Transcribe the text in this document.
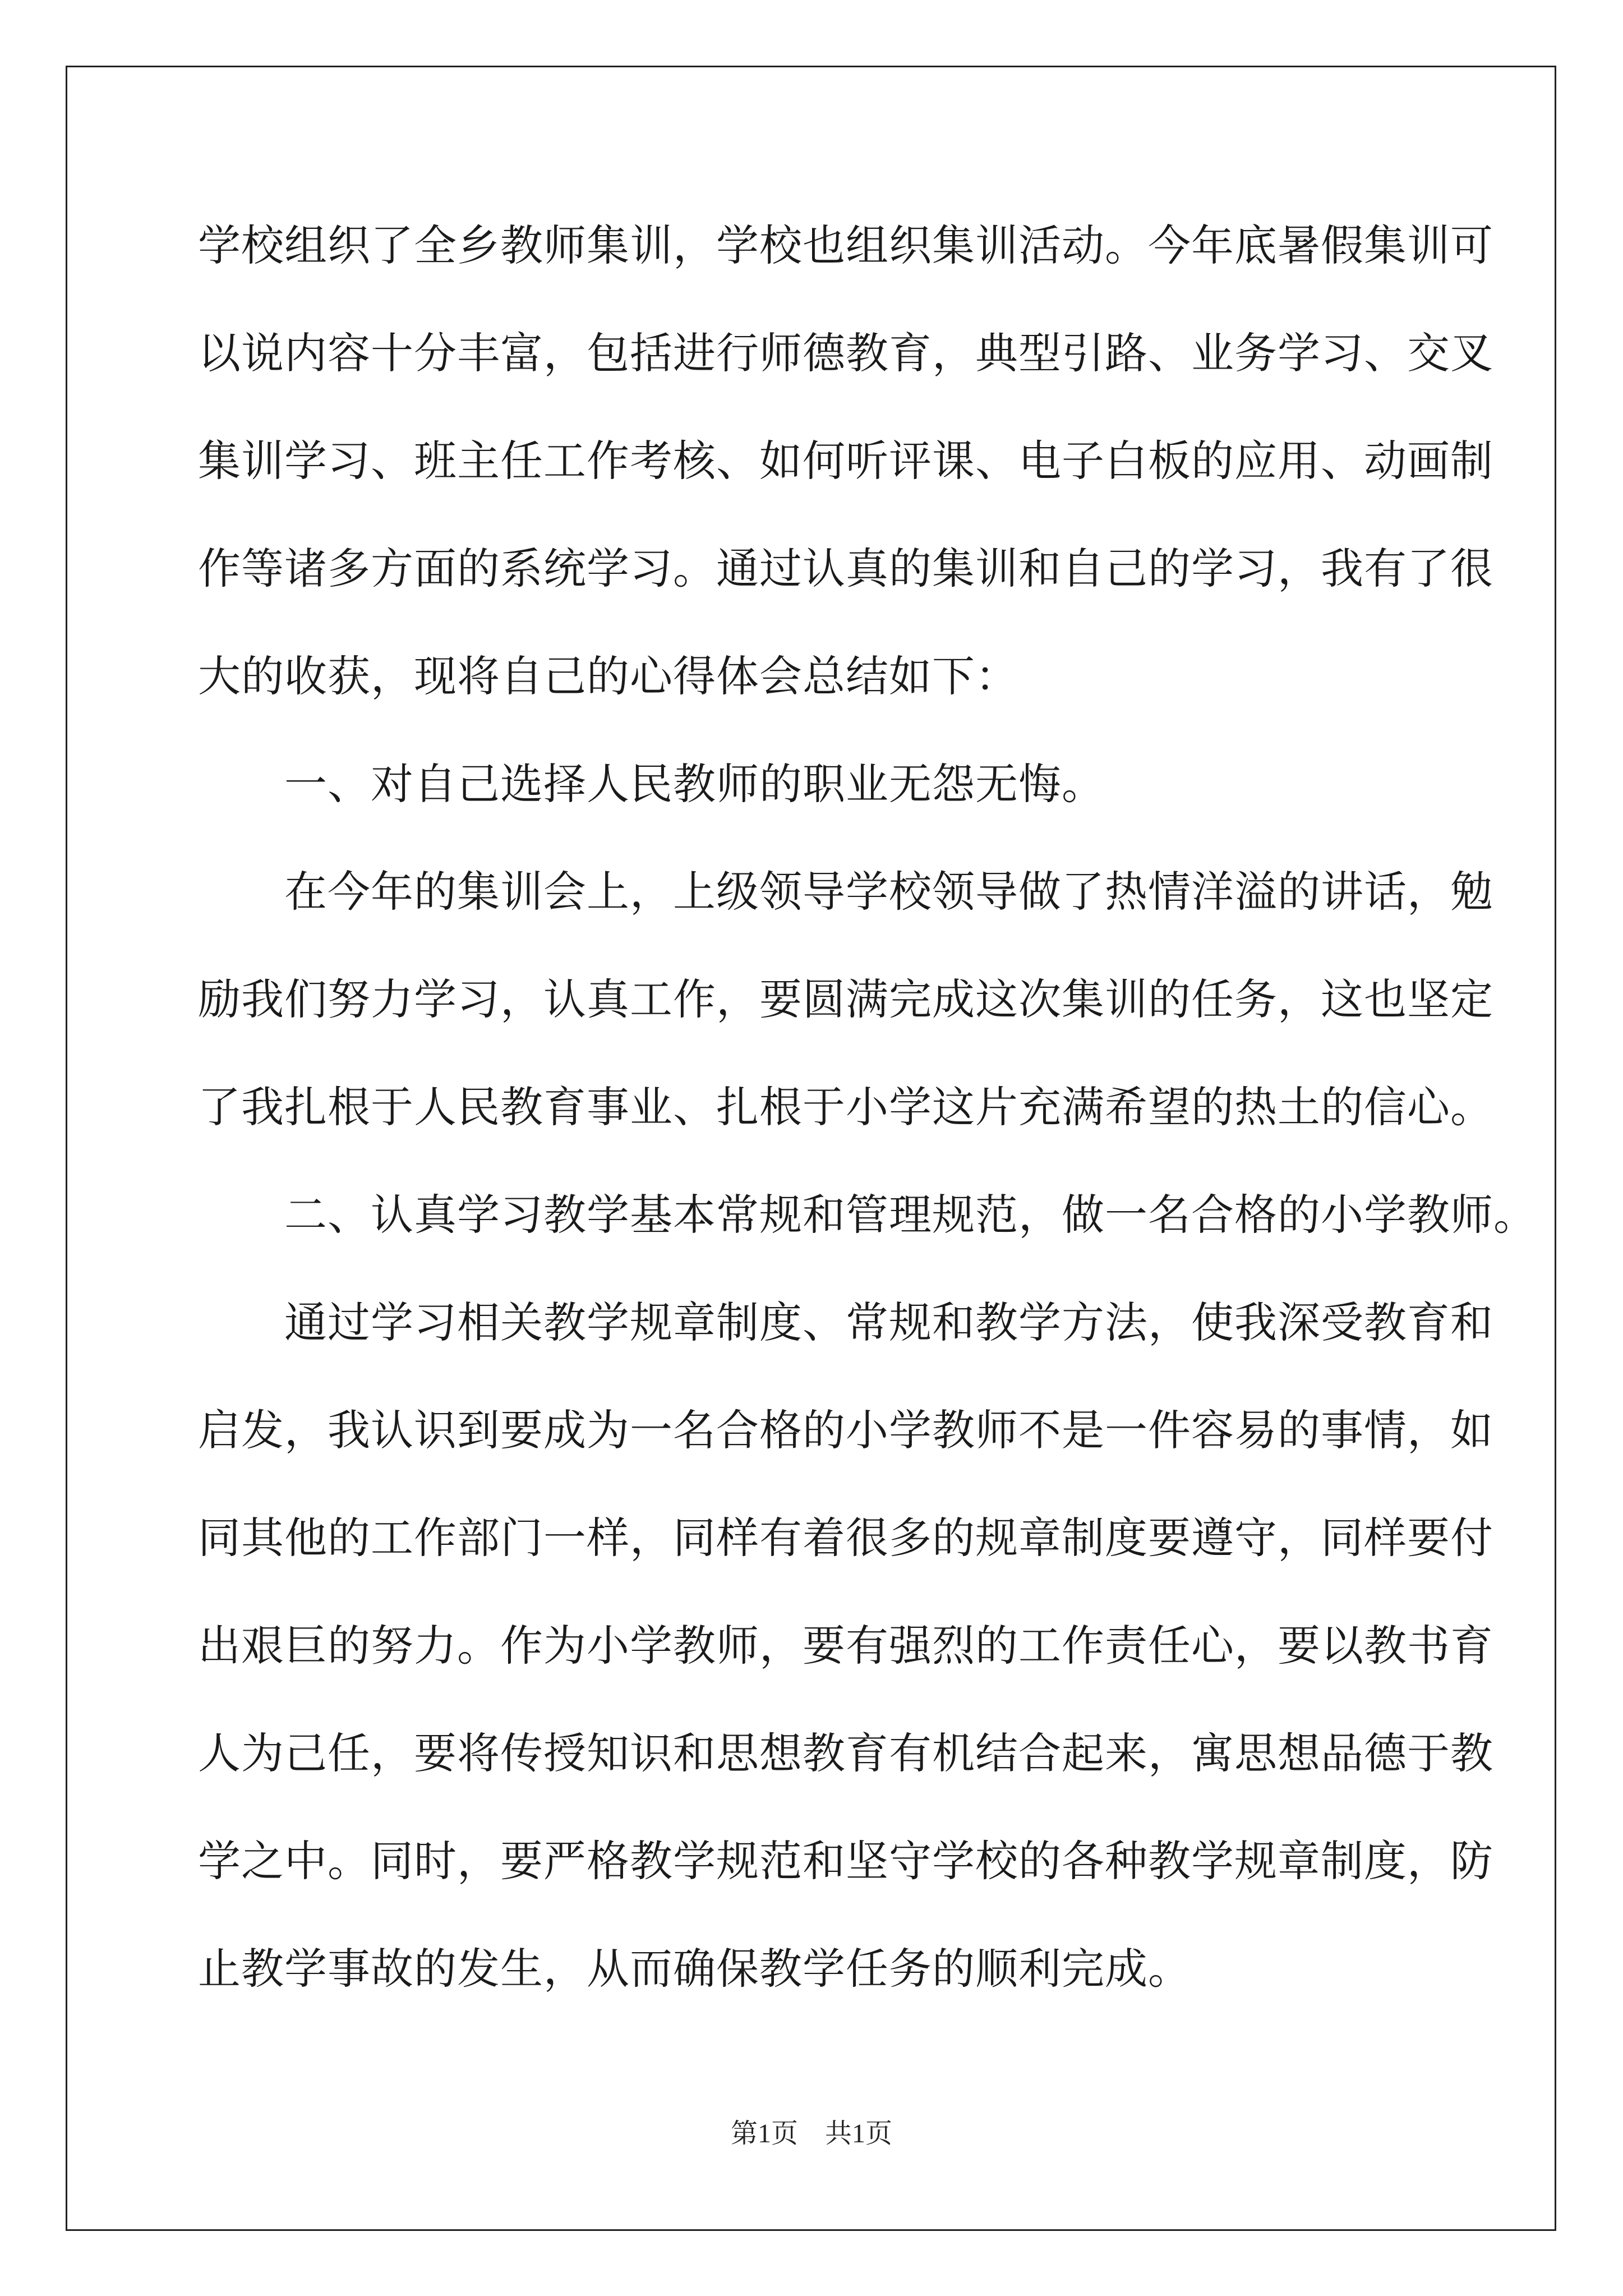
学校组织了全乡教师集训，学校也组织集训活动。今年底暑假集训可
以说内容十分丰富，包括进行师德教育，典型引路、业务学习、交叉
集训学习、班主任工作考核、如何听评课、电子白板的应用、动画制
作等诸多方面的系统学习。通过认真的集训和自己的学习，我有了很
大的收获，现将自己的心得体会总结如下：
　　一、对自己选择人民教师的职业无怨无悔。
　　在今年的集训会上，上级领导学校领导做了热情洋溢的讲话，勉
励我们努力学习，认真工作，要圆满完成这次集训的任务，这也坚定
了我扎根于人民教育事业、扎根于小学这片充满希望的热土的信心。
　　二、认真学习教学基本常规和管理规范，做一名合格的小学教师。
　　通过学习相关教学规章制度、常规和教学方法，使我深受教育和
启发，我认识到要成为一名合格的小学教师不是一件容易的事情，如
同其他的工作部门一样，同样有着很多的规章制度要遵守，同样要付
出艰巨的努力。作为小学教师，要有强烈的工作责任心，要以教书育
人为己任，要将传授知识和思想教育有机结合起来，寓思想品德于教
学之中。同时，要严格教学规范和坚守学校的各种教学规章制度，防
止教学事故的发生，从而确保教学任务的顺利完成。
第1页 共1页
